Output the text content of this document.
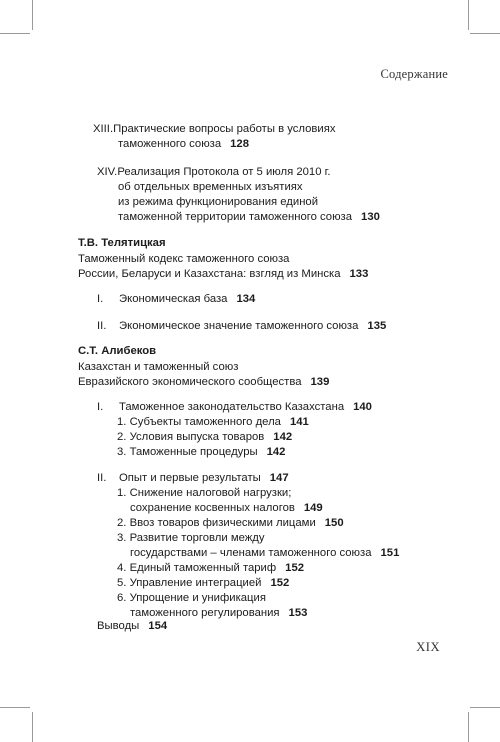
Содержание
XIII.Практические вопросы работы в условиях
таможенного союза 128
XIV.Реализация Протокола от 5 июля 2010 г.
об отдельных временных изъятиях
из режима функционирования единой
таможенной территории таможенного союза 130
Т.В. Телятицкая
Таможенный кодекс таможенного союза
России, Беларуси и Казахстана: взгляд из Минска 133
I. Экономическая база 134
II. Экономическое значение таможенного союза 135
С.Т. Алибеков
Казахстан и таможенный союз
Евразийского экономического сообщества 139
I. Таможенное законодательство Казахстана 140
1. Субъекты таможенного дела 141
2. Условия выпуска товаров 142
3. Таможенные процедуры 142
II. Опыт и первые результаты 147
1. Снижение налоговой нагрузки;
сохранение косвенных налогов 149
2. Ввоз товаров физическими лицами 150
3. Развитие торговли между
государствами – членами таможенного союза 151
4. Единый таможенный тариф 152
5. Управление интеграцией 152
6. Упрощение и унификация
таможенного регулирования 153
Выводы 154
XIX
